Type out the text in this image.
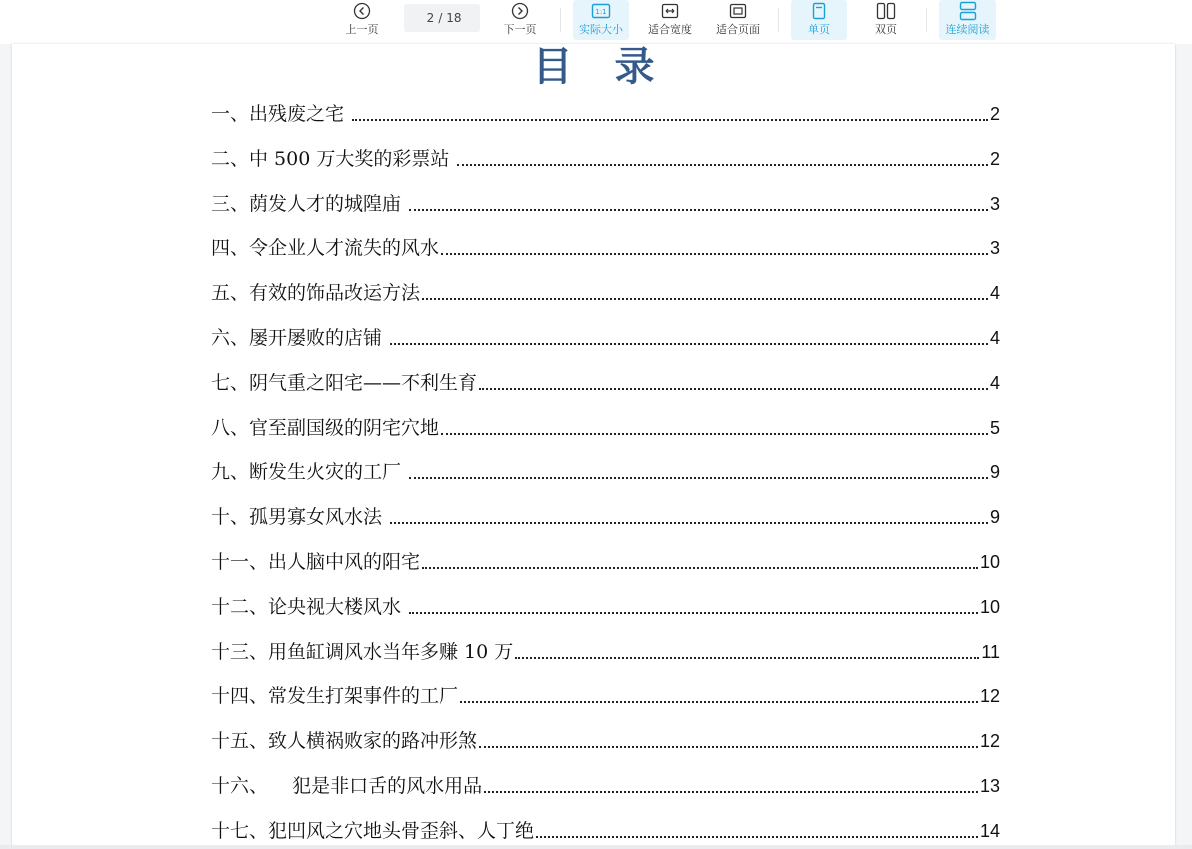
上一页
2
/ 18
下一页
1:1
实际大小 适合宽度 适合页面	单页	双页	连续阅读
目录
一、出残废之宅	2
二、中 500 万大奖的彩票站	2
三、荫发人才的城隍庙	3
四、令企业人才流失的风水	3
五、有效的饰品改运方法	4
六、屡开屡败的店铺	4
七、阴气重之阳宅——不利生育	4
八、官至副国级的阴宅穴地	5
九、断发生火灾的工厂	9
十、孤男寡女风水法	9
十一、出人脑中风的阳宅	10
十二、论央视大楼风水	10
十三、用鱼缸调风水当年多赚 10 万	11
十四、常发生打架事件的工厂	12
十五、致人横祸败家的路冲形煞	12
十六、    犯是非口舌的风水用品	13
十七、犯凹风之穴地头骨歪斜、人丁绝	14
